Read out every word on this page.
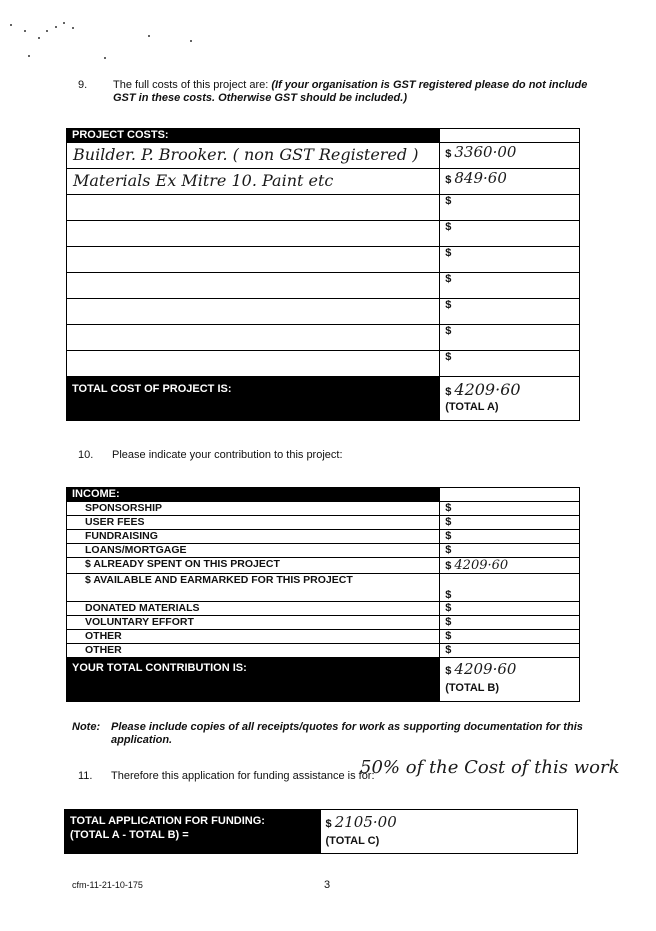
9. The full costs of this project are: (If your organisation is GST registered please do not include GST in these costs. Otherwise GST should be included.)
PROJECT COSTS:	
Builder. P. Brooker. ( non GST Registered )	$ 3360·00
Materials Ex Mitre 10. Paint etc	$ 849·60
	$
	$
	$
	$
	$
	$
	$
TOTAL COST OF PROJECT IS:	$ 4209·60
(TOTAL A)
10. Please indicate your contribution to this project:
INCOME:	
SPONSORSHIP	$
USER FEES	$
FUNDRAISING	$
LOANS/MORTGAGE	$
$ ALREADY SPENT ON THIS PROJECT	$ 4209·60
$ AVAILABLE AND EARMARKED FOR THIS PROJECT	$
DONATED MATERIALS	$
VOLUNTARY EFFORT	$
OTHER	$
OTHER	$
YOUR TOTAL CONTRIBUTION IS:	$ 4209·60
(TOTAL B)
Note: Please include copies of all receipts/quotes for work as supporting documentation for this application.
11. Therefore this application for funding assistance is for:
50% of the Cost of this work
TOTAL APPLICATION FOR FUNDING:
(TOTAL A - TOTAL B) =

$ 2105·00
(TOTAL C)
cfm-11-21-10-175	3
